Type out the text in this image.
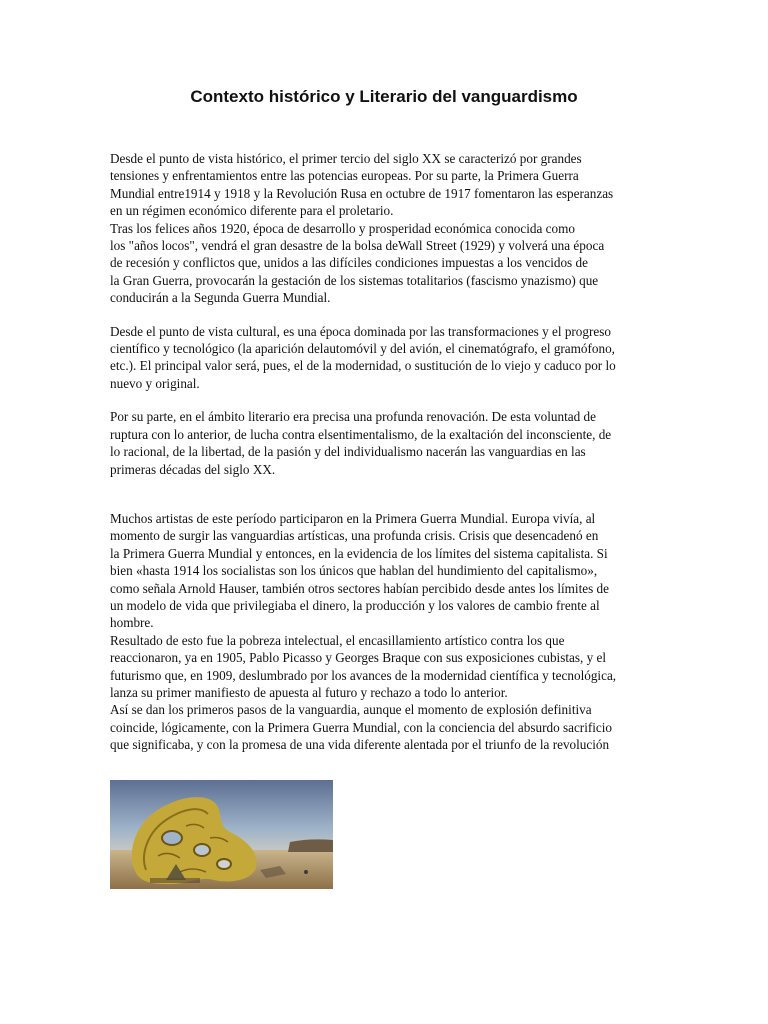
Contexto histórico y Literario del vanguardismo

Desde el punto de vista histórico, el primer tercio del siglo XX se caracterizó por grandes
tensiones y enfrentamientos entre las potencias europeas. Por su parte, la Primera Guerra
Mundial entre1914 y 1918 y la Revolución Rusa en octubre de 1917 fomentaron las esperanzas
en un régimen económico diferente para el proletario.
Tras los felices años 1920, época de desarrollo y prosperidad económica conocida como
los "años locos", vendrá el gran desastre de la bolsa deWall Street (1929) y volverá una época
de recesión y conflictos que, unidos a las difíciles condiciones impuestas a los vencidos de
la Gran Guerra, provocarán la gestación de los sistemas totalitarios (fascismo ynazismo) que
conducirán a la Segunda Guerra Mundial.

Desde el punto de vista cultural, es una época dominada por las transformaciones y el progreso
científico y tecnológico (la aparición delautomóvil y del avión, el cinematógrafo, el gramófono,
etc.). El principal valor será, pues, el de la modernidad, o sustitución de lo viejo y caduco por lo
nuevo y original.

Por su parte, en el ámbito literario era precisa una profunda renovación. De esta voluntad de
ruptura con lo anterior, de lucha contra elsentimentalismo, de la exaltación del inconsciente, de
lo racional, de la libertad, de la pasión y del individualismo nacerán las vanguardias en las
primeras décadas del siglo XX.

Muchos artistas de este período participaron en la Primera Guerra Mundial. Europa vivía, al
momento de surgir las vanguardias artísticas, una profunda crisis. Crisis que desencadenó en
la Primera Guerra Mundial y entonces, en la evidencia de los límites del sistema capitalista. Si
bien «hasta 1914 los socialistas son los únicos que hablan del hundimiento del capitalismo»,
como señala Arnold Hauser, también otros sectores habían percibido desde antes los límites de
un modelo de vida que privilegiaba el dinero, la producción y los valores de cambio frente al
hombre.
Resultado de esto fue la pobreza intelectual, el encasillamiento artístico contra los que
reaccionaron, ya en 1905, Pablo Picasso y Georges Braque con sus exposiciones cubistas, y el
futurismo que, en 1909, deslumbrado por los avances de la modernidad científica y tecnológica,
lanza su primer manifiesto de apuesta al futuro y rechazo a todo lo anterior.
Así se dan los primeros pasos de la vanguardia, aunque el momento de explosión definitiva
coincide, lógicamente, con la Primera Guerra Mundial, con la conciencia del absurdo sacrificio
que significaba, y con la promesa de una vida diferente alentada por el triunfo de la revolución
